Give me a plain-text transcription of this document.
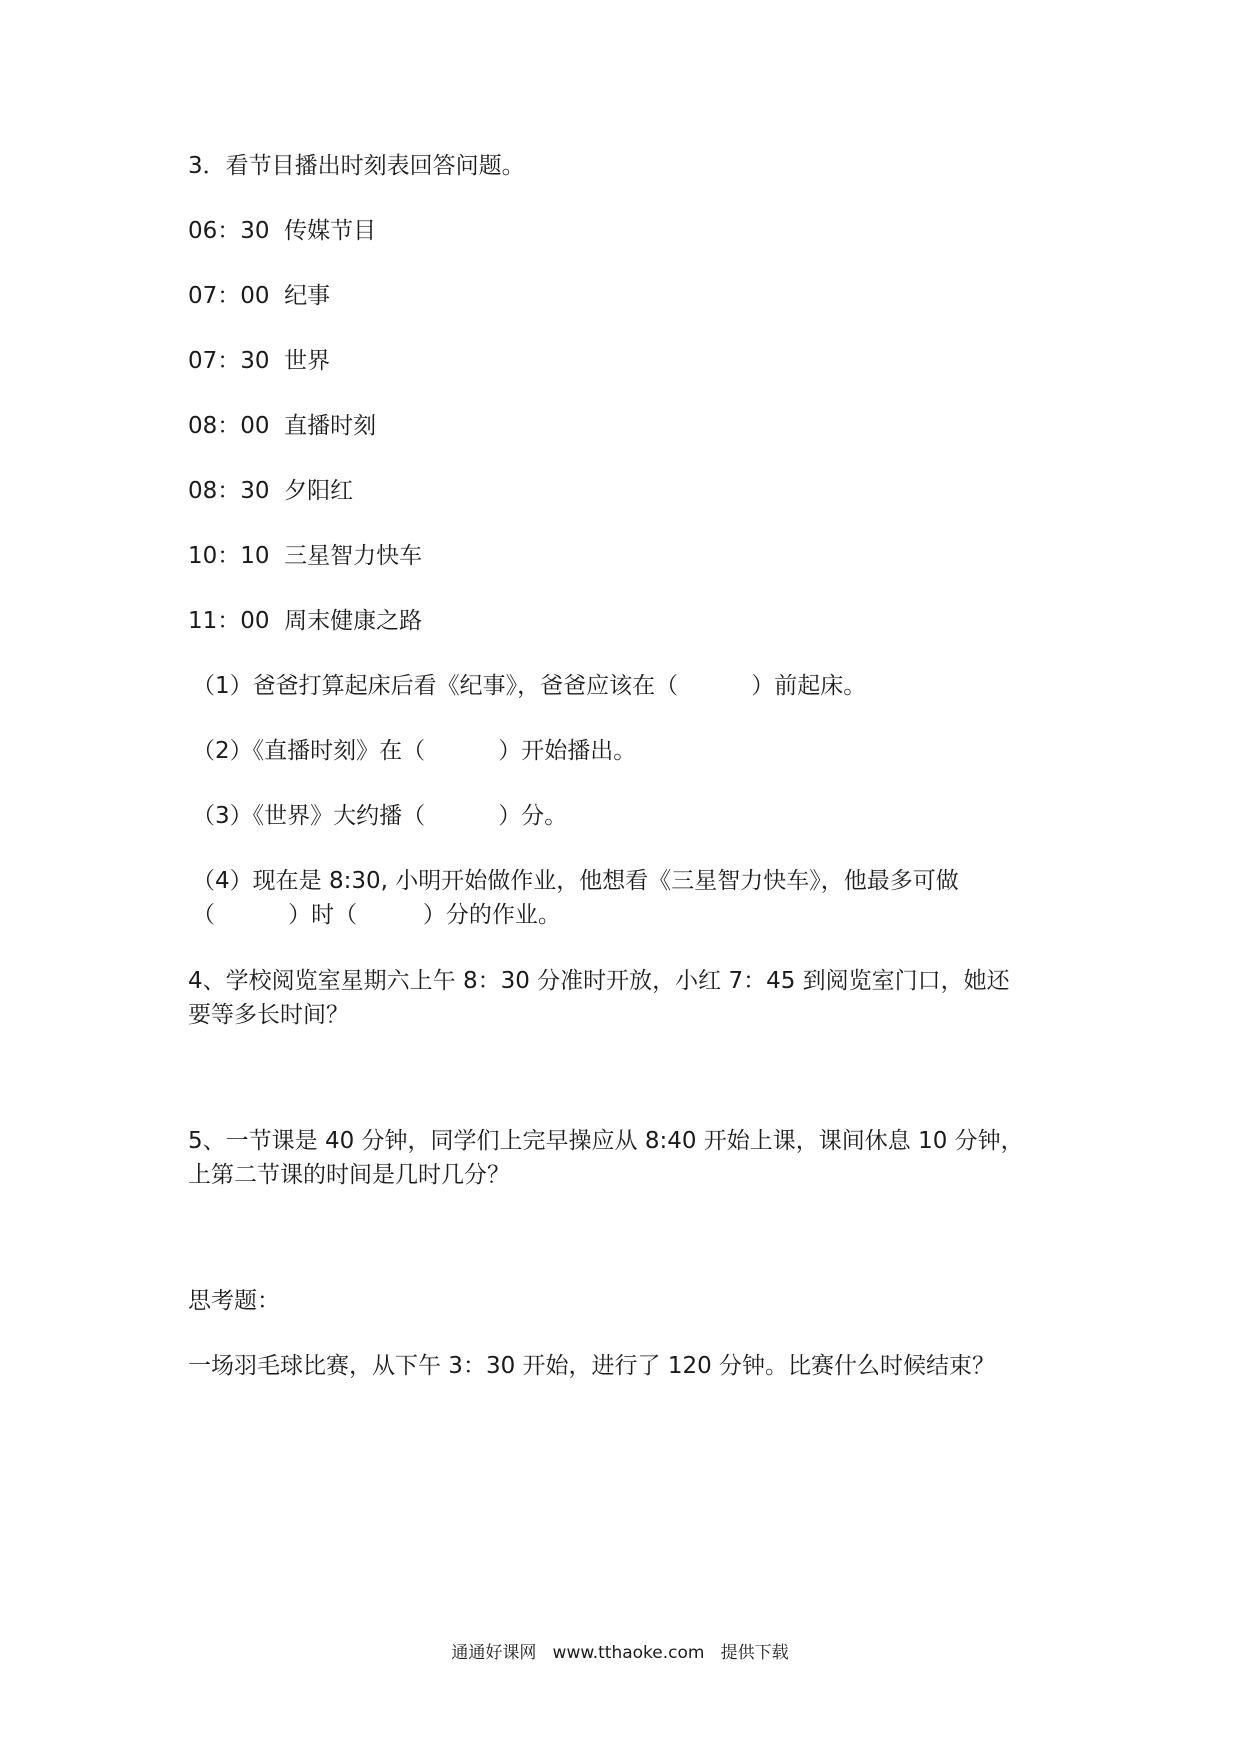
3．看节目播出时刻表回答问题。
06：30  传媒节目
07：00  纪事
07：30  世界
08：00  直播时刻
08：30  夕阳红
10：10  三星智力快车
11：00  周末健康之路
（1）爸爸打算起床后看《纪事》，爸爸应该在（          ）前起床。
（2）《直播时刻》在（          ）开始播出。
（3）《世界》大约播（          ）分。
（4）现在是 8:30, 小明开始做作业，他想看《三星智力快车》，他最多可做
（          ）时（         ）分的作业。
4、学校阅览室星期六上午 8：30 分准时开放，小红 7：45 到阅览室门口，她还
要等多长时间？
5、一节课是 40 分钟，同学们上完早操应从 8:40 开始上课，课间休息 10 分钟，
上第二节课的时间是几时几分？
思考题：
一场羽毛球比赛，从下午 3：30 开始，进行了 120 分钟。比赛什么时候结束？
通通好课网   www.tthaoke.com   提供下载
